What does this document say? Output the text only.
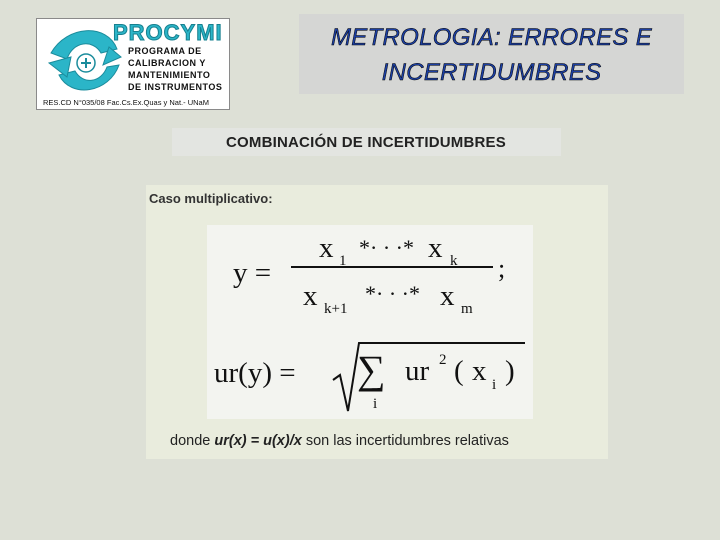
PROCYMI
PROGRAMA DE
CALIBRACION Y
MANTENIMIENTO
DE INSTRUMENTOS
RES.CD N°035/08 Fac.Cs.Ex.Quas y Nat.- UNaM
METROLOGIA: ERRORES E
INCERTIDUMBRES
COMBINACIÓN DE INCERTIDUMBRES
Caso multiplicativo:
y =
x 1
*· · ·* x k ;
x k+1
*· · ·* x m
ur(y) = ∑
i
ur 2 ( x i )
donde ur(x) = u(x)/x son las incertidumbres relativas
